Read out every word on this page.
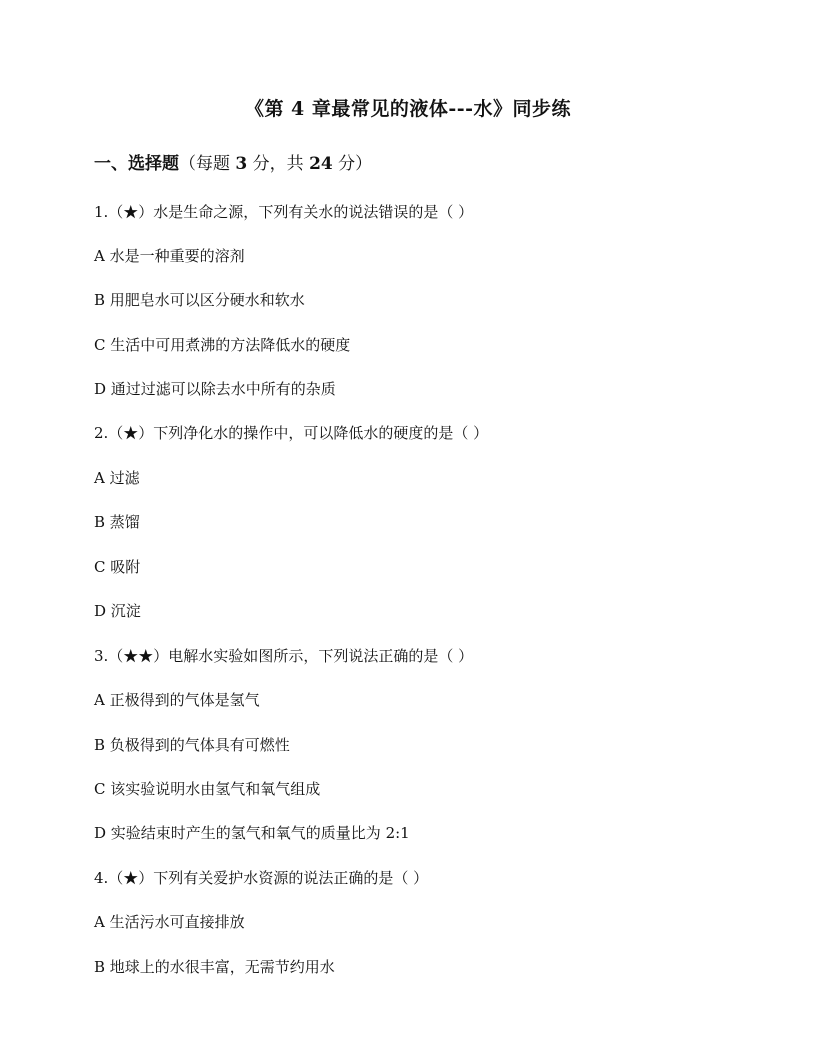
《第 4 章最常见的液体---水》同步练
一、选择题（每题 3 分，共 24 分）
1.（★）水是生命之源，下列有关水的说法错误的是（ ）
A 水是一种重要的溶剂
B 用肥皂水可以区分硬水和软水
C 生活中可用煮沸的方法降低水的硬度
D 通过过滤可以除去水中所有的杂质
2.（★）下列净化水的操作中，可以降低水的硬度的是（ ）
A 过滤
B 蒸馏
C 吸附
D 沉淀
3.（★★）电解水实验如图所示，下列说法正确的是（ ）
A 正极得到的气体是氢气
B 负极得到的气体具有可燃性
C 该实验说明水由氢气和氧气组成
D 实验结束时产生的氢气和氧气的质量比为 2:1
4.（★）下列有关爱护水资源的说法正确的是（ ）
A 生活污水可直接排放
B 地球上的水很丰富，无需节约用水
